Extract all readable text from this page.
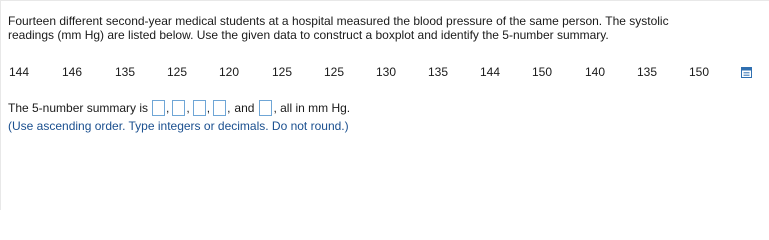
Fourteen different second-year medical students at a hospital measured the blood pressure of the same person. The systolic
readings (mm Hg) are listed below. Use the given data to construct a boxplot and identify the 5-number summary.
144	146	135	125	120	125	125	130	135	144	150	140	135	150
The 5-number summary is , , , , and , all in mm Hg.
(Use ascending order. Type integers or decimals. Do not round.)
